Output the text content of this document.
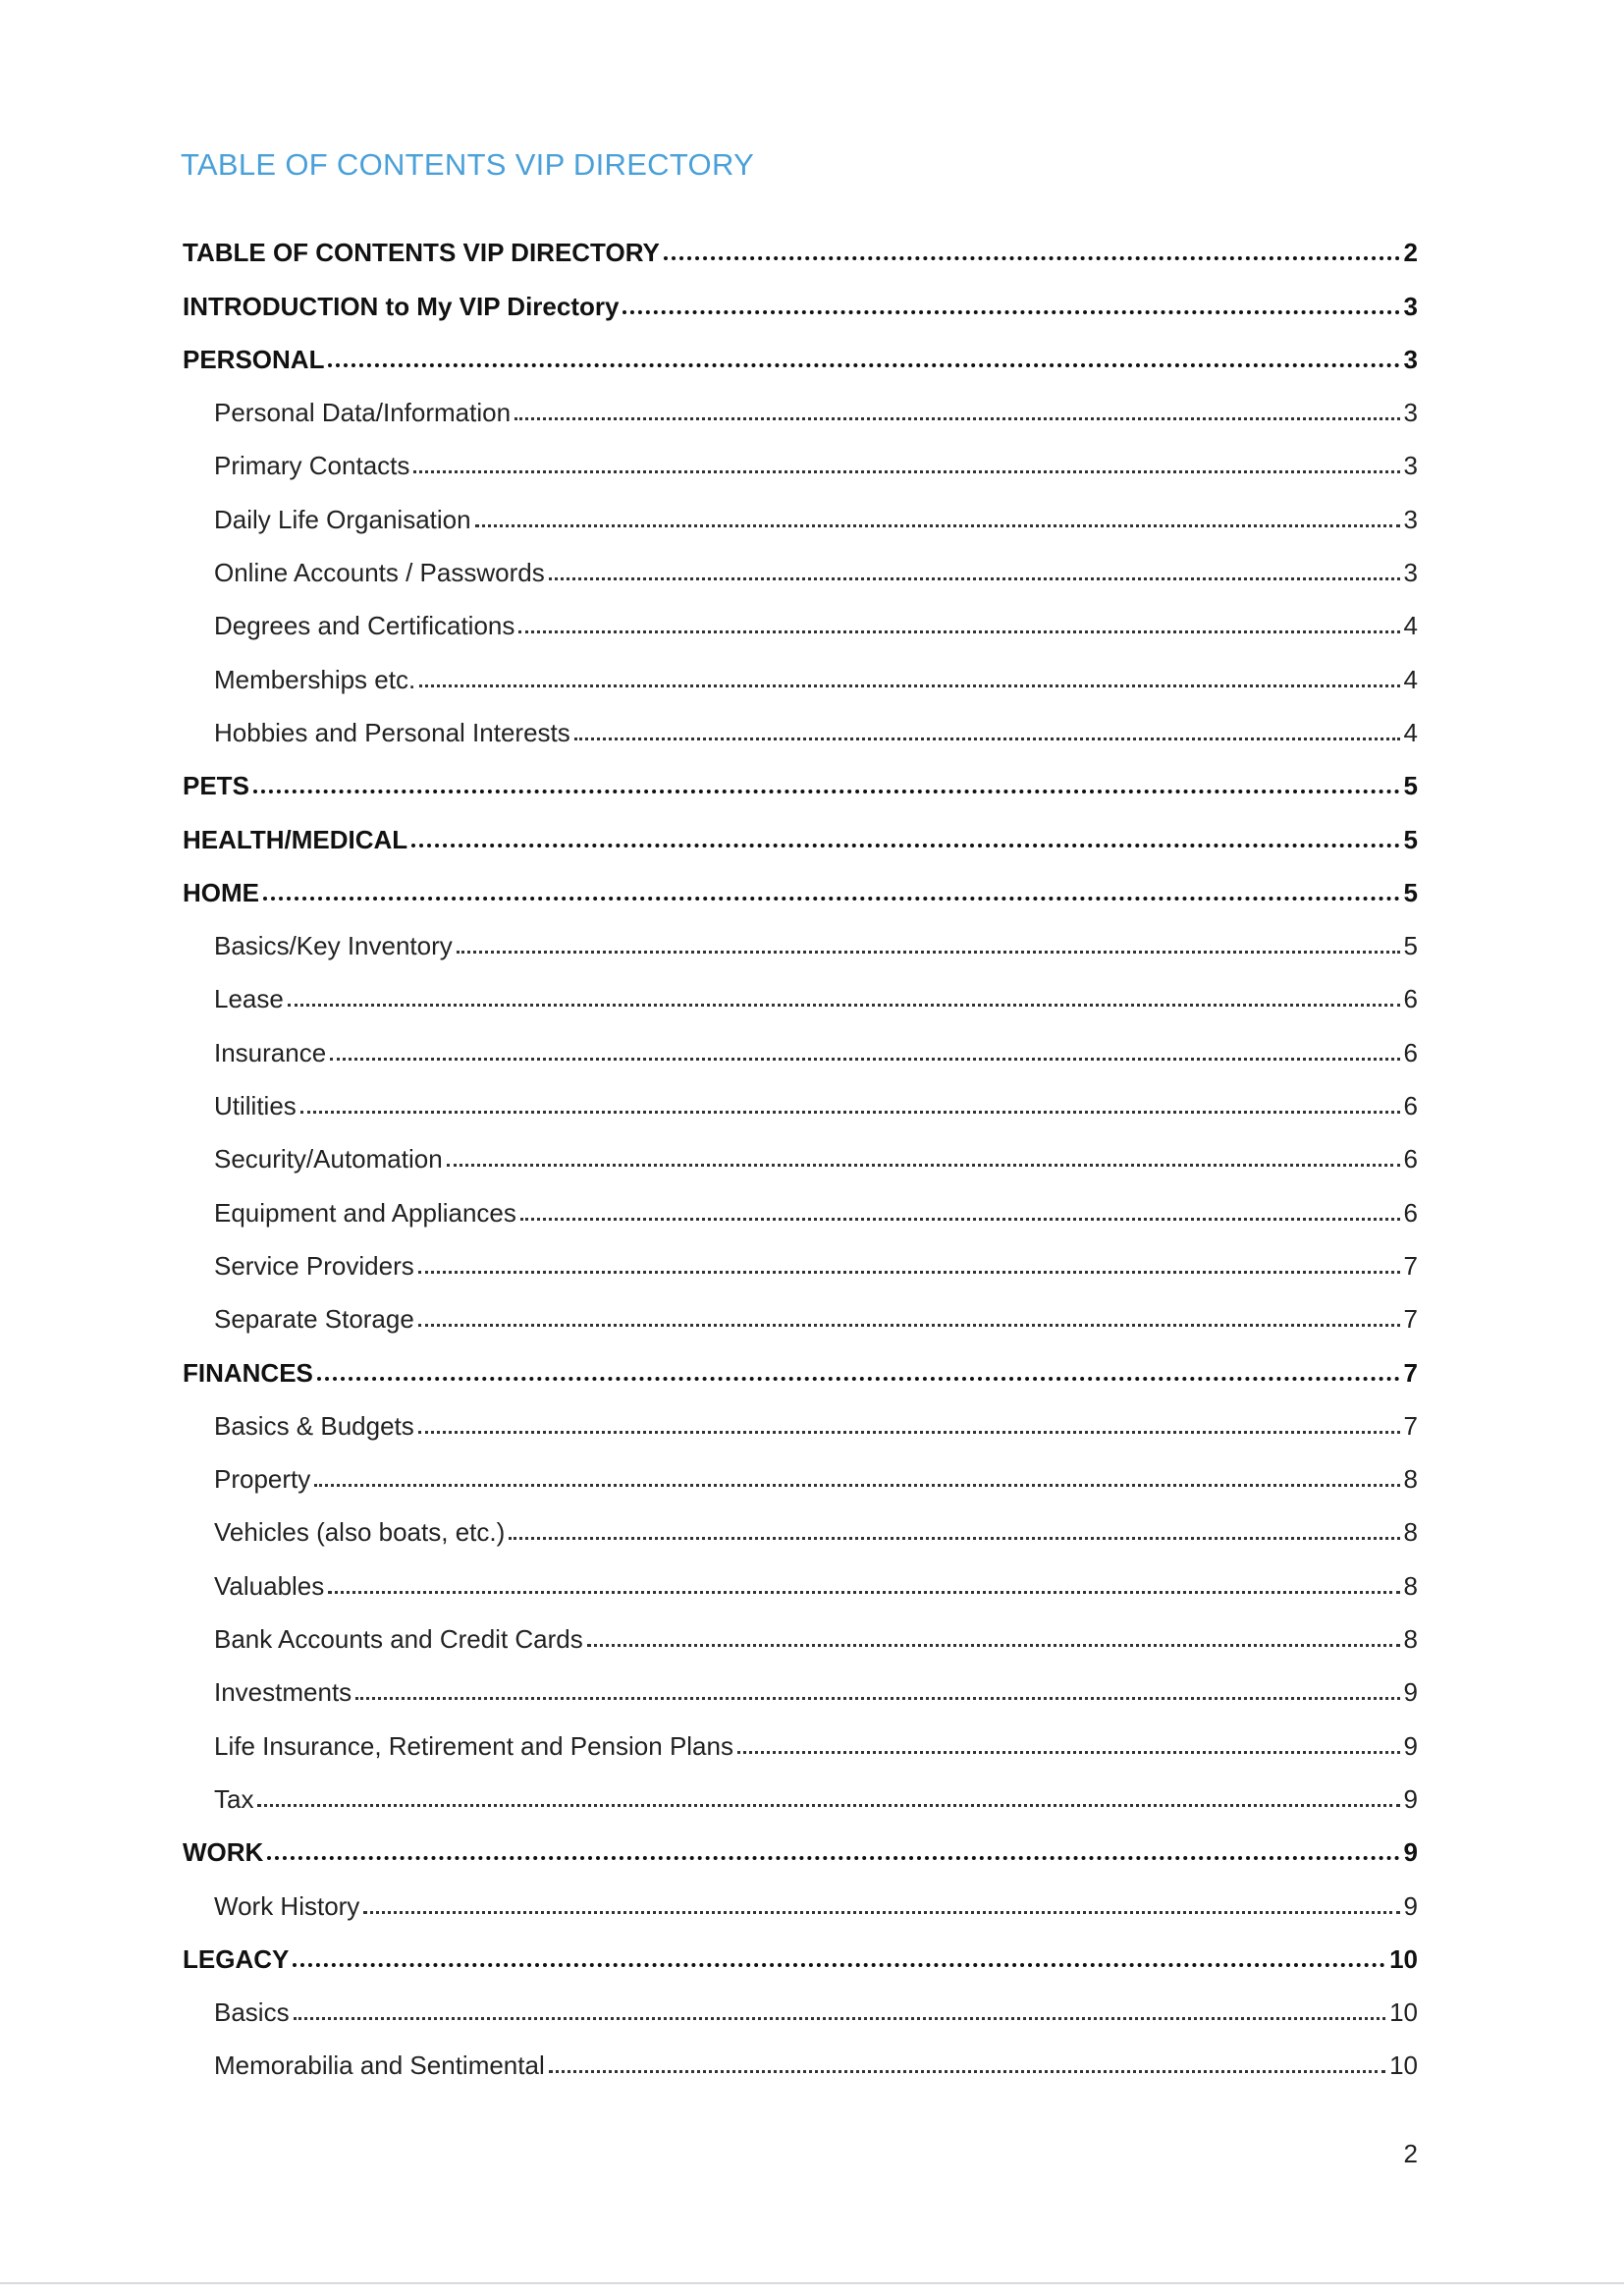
TABLE OF CONTENTS VIP DIRECTORY
TABLE OF CONTENTS VIP DIRECTORY	2
INTRODUCTION to My VIP Directory	3
PERSONAL	3
Personal Data/Information	3
Primary Contacts	3
Daily Life Organisation	3
Online Accounts / Passwords	3
Degrees and Certifications	4
Memberships etc.	4
Hobbies and Personal Interests	4
PETS	5
HEALTH/MEDICAL	5
HOME	5
Basics/Key Inventory	5
Lease	6
Insurance	6
Utilities	6
Security/Automation	6
Equipment and Appliances	6
Service Providers	7
Separate Storage	7
FINANCES	7
Basics & Budgets	7
Property	8
Vehicles (also boats, etc.)	8
Valuables	8
Bank Accounts and Credit Cards	8
Investments	9
Life Insurance, Retirement and Pension Plans	9
Tax	9
WORK	9
Work History	9
LEGACY	10
Basics	10
Memorabilia and Sentimental	10
2
